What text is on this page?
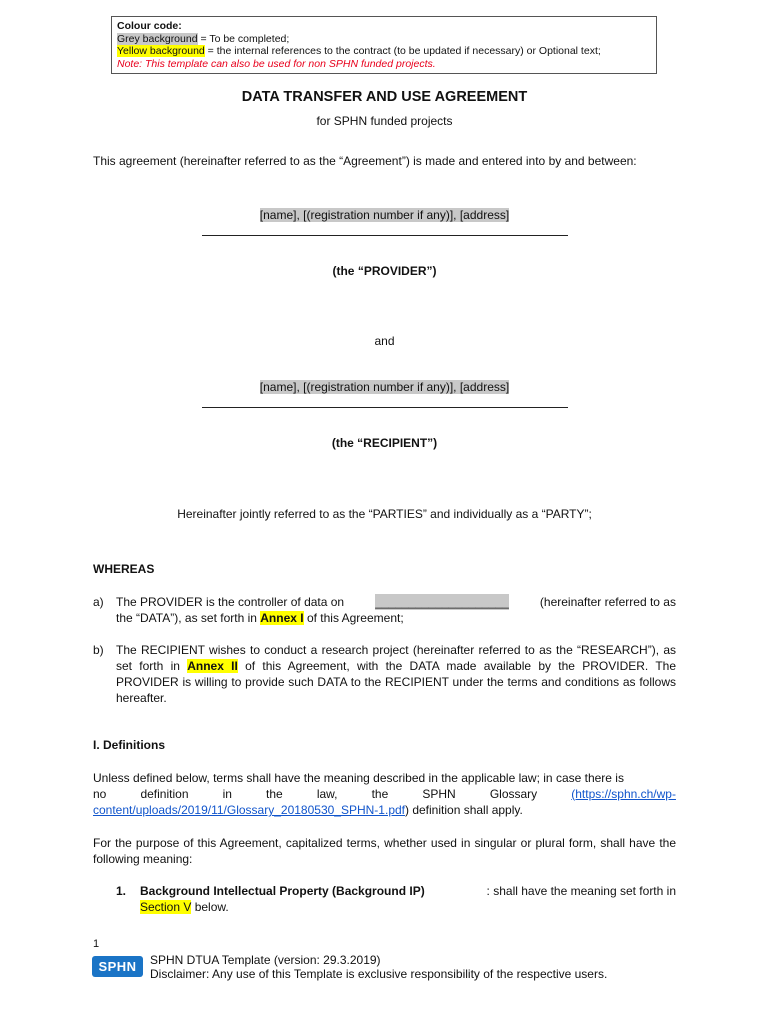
Colour code:
Grey background = To be completed;
Yellow background = the internal references to the contract (to be updated if necessary) or Optional text;
Note: This template can also be used for non SPHN funded projects.
DATA TRANSFER AND USE AGREEMENT
for SPHN funded projects
This agreement (hereinafter referred to as the “Agreement”) is made and entered into by and between:
[name], [(registration number if any)], [address]
(the “PROVIDER”)
and
[name], [(registration number if any)], [address]
(the “RECIPIENT”)
Hereinafter jointly referred to as the “PARTIES” and individually as a “PARTY”;
WHEREAS
a) The PROVIDER is the controller of data on	____________________	(hereinafter referred to as
the “DATA”), as set forth in Annex I of this Agreement;
b) The RECIPIENT wishes to conduct a research project (hereinafter referred to as the “RESEARCH”), as set forth in Annex II of this Agreement, with the DATA made available by the PROVIDER. The PROVIDER is willing to provide such DATA to the RECIPIENT under the terms and conditions as follows hereafter.
I. Definitions
Unless defined below, terms shall have the meaning described in the applicable law; in case there is
no	definition	in	the	law,	the	SPHN	Glossary	(https://sphn.ch/wp-
content/uploads/2019/11/Glossary_20180530_SPHN-1.pdf) definition shall apply.
For the purpose of this Agreement, capitalized terms, whether used in singular or plural form, shall have the following meaning:
1. Background Intellectual Property (Background IP)	: shall have the meaning set forth in
Section V below.
1
SPHN	SPHN DTUA Template (version: 29.3.2019)
Disclaimer: Any use of this Template is exclusive responsibility of the respective users.
